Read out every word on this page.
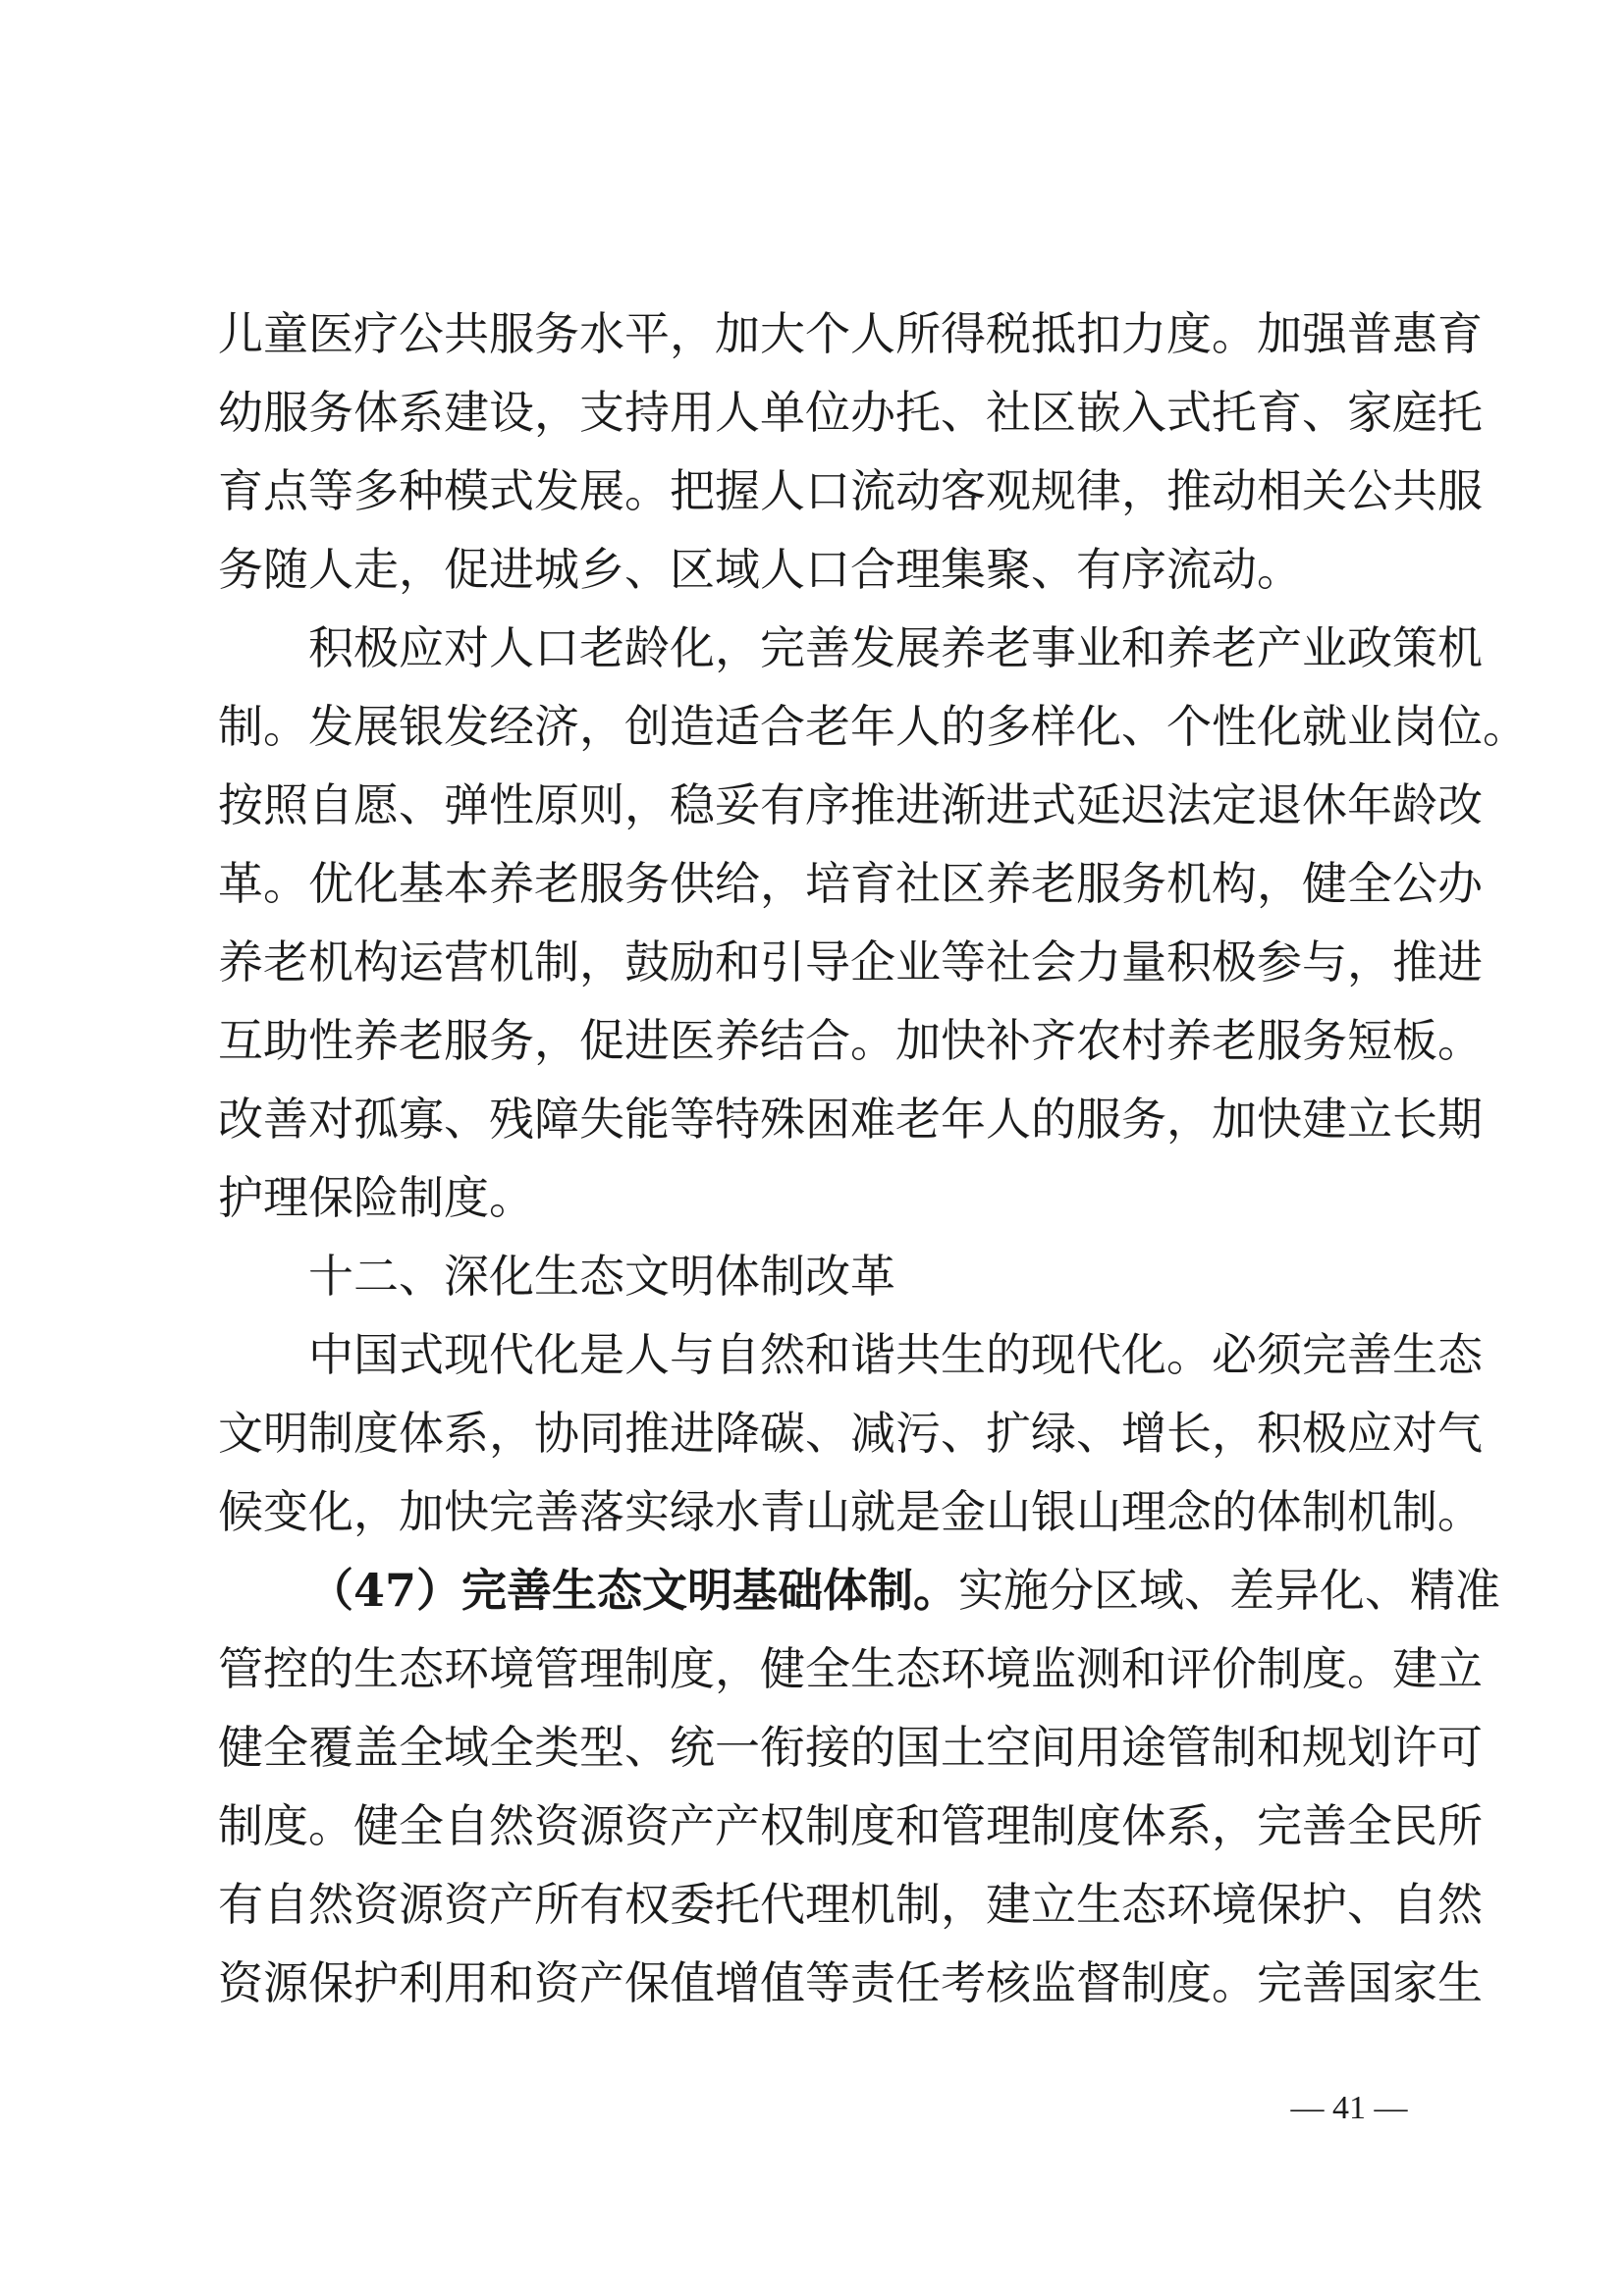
儿童医疗公共服务水平，加大个人所得税抵扣力度。加强普惠育
幼服务体系建设，支持用人单位办托、社区嵌入式托育、家庭托
育点等多种模式发展。把握人口流动客观规律，推动相关公共服
务随人走，促进城乡、区域人口合理集聚、有序流动。
积极应对人口老龄化，完善发展养老事业和养老产业政策机
制。发展银发经济，创造适合老年人的多样化、个性化就业岗位。
按照自愿、弹性原则，稳妥有序推进渐进式延迟法定退休年龄改
革。优化基本养老服务供给，培育社区养老服务机构，健全公办
养老机构运营机制，鼓励和引导企业等社会力量积极参与，推进
互助性养老服务，促进医养结合。加快补齐农村养老服务短板。
改善对孤寡、残障失能等特殊困难老年人的服务，加快建立长期
护理保险制度。
十二、深化生态文明体制改革
中国式现代化是人与自然和谐共生的现代化。必须完善生态
文明制度体系，协同推进降碳、减污、扩绿、增长，积极应对气
候变化，加快完善落实绿水青山就是金山银山理念的体制机制。
（47）完善生态文明基础体制。实施分区域、差异化、精准
管控的生态环境管理制度，健全生态环境监测和评价制度。建立
健全覆盖全域全类型、统一衔接的国土空间用途管制和规划许可
制度。健全自然资源资产产权制度和管理制度体系，完善全民所
有自然资源资产所有权委托代理机制，建立生态环境保护、自然
资源保护利用和资产保值增值等责任考核监督制度。完善国家生
— 41 —
